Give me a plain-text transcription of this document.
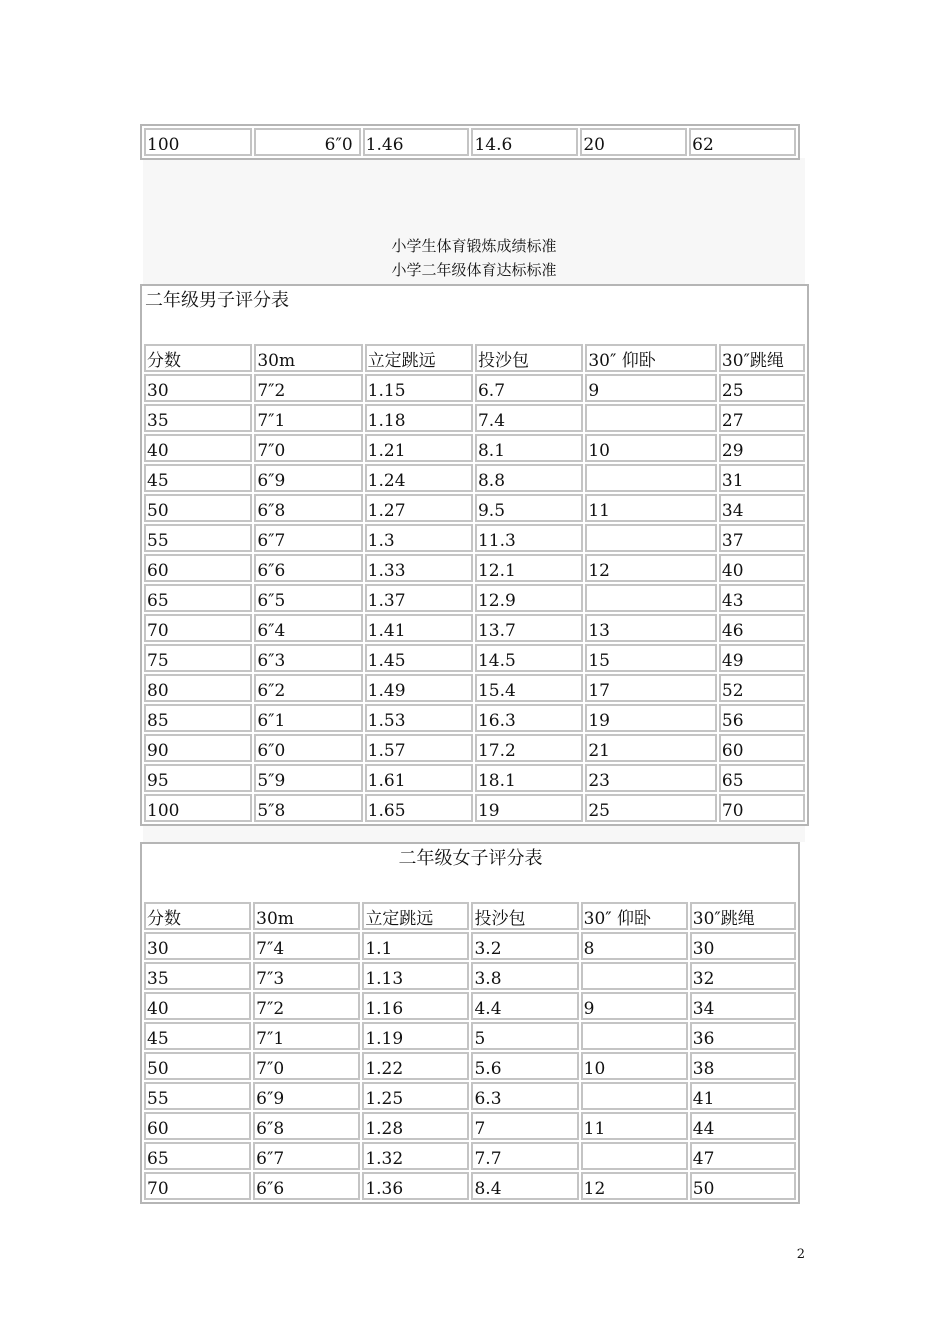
100	6″0	1.46	14.6	20	62
小学生体育锻炼成绩标准
小学二年级体育达标标准
二年级男子评分表					
分数	30m	立定跳远	投沙包	30″ 仰卧	30″跳绳
30	7″2	1.15	6.7	9	25
35	7″1	1.18	7.4		27
40	7″0	1.21	8.1	10	29
45	6″9	1.24	8.8		31
50	6″8	1.27	9.5	11	34
55	6″7	1.3	11.3		37
60	6″6	1.33	12.1	12	40
65	6″5	1.37	12.9		43
70	6″4	1.41	13.7	13	46
75	6″3	1.45	14.5	15	49
80	6″2	1.49	15.4	17	52
85	6″1	1.53	16.3	19	56
90	6″0	1.57	17.2	21	60
95	5″9	1.61	18.1	23	65
100	5″8	1.65	19	25	70
二年级女子评分表					
分数	30m	立定跳远	投沙包	30″ 仰卧	30″跳绳
30	7″4	1.1	3.2	8	30
35	7″3	1.13	3.8		32
40	7″2	1.16	4.4	9	34
45	7″1	1.19	5		36
50	7″0	1.22	5.6	10	38
55	6″9	1.25	6.3		41
60	6″8	1.28	7	11	44
65	6″7	1.32	7.7		47
70	6″6	1.36	8.4	12	50
2
